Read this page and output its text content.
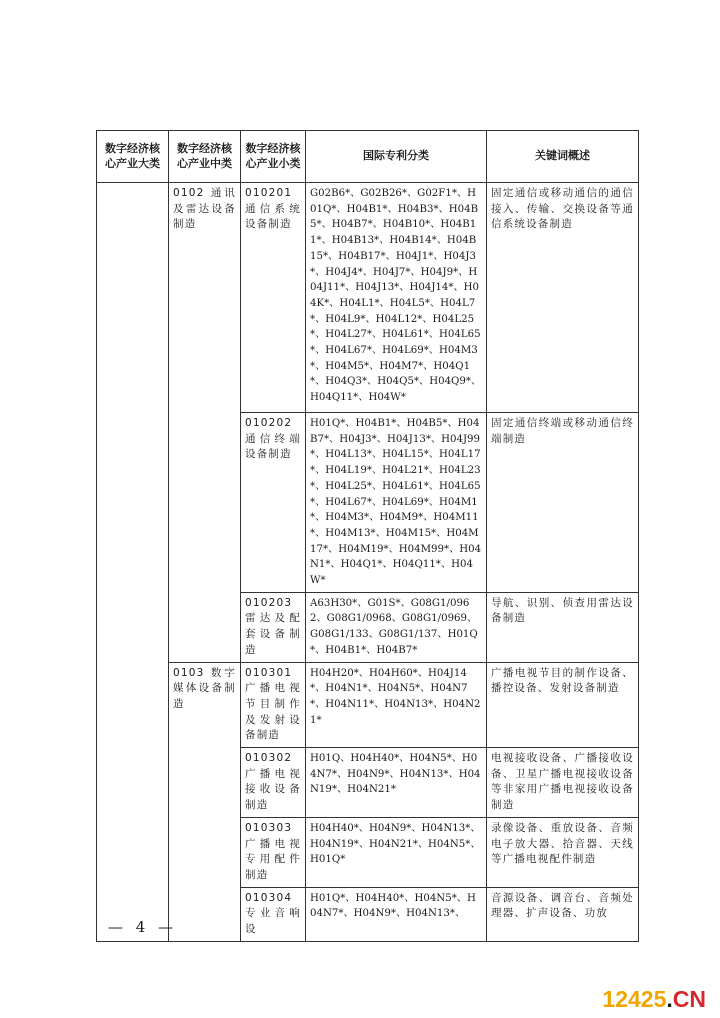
数字经济核心产业大类	数字经济核心产业中类	数字经济核心产业小类	国际专利分类	关键词概述
	0102 通讯及雷达设备制造	010201 通信系统设备制造	G02B6*、G02B26*、G02F1*、H01Q*、H04B1*、H04B3*、H04B5*、H04B7*、H04B10*、H04B11*、H04B13*、H04B14*、H04B15*、H04B17*、H04J1*、H04J3*、H04J4*、H04J7*、H04J9*、H04J11*、H04J13*、H04J14*、H04K*、H04L1*、H04L5*、H04L7*、H04L9*、H04L12*、H04L25*、H04L27*、H04L61*、H04L65*、H04L67*、H04L69*、H04M3*、H04M5*、H04M7*、H04Q1*、H04Q3*、H04Q5*、H04Q9*、H04Q11*、H04W*	固定通信或移动通信的通信接入、传输、交换设备等通信系统设备制造
		010202 通信终端设备制造	H01Q*、H04B1*、H04B5*、H04B7*、H04J3*、H04J13*、H04J99*、H04L13*、H04L15*、H04L17*、H04L19*、H04L21*、H04L23*、H04L25*、H04L61*、H04L65*、H04L67*、H04L69*、H04M1*、H04M3*、H04M9*、H04M11*、H04M13*、H04M15*、H04M17*、H04M19*、H04M99*、H04N1*、H04Q1*、H04Q11*、H04W*	固定通信终端或移动通信终端制造
		010203 雷达及配套设备制造	A63H30*、G01S*、G08G1/0962、G08G1/0968、G08G1/0969、G08G1/133、G08G1/137、H01Q*、H04B1*、H04B7*	导航、识别、侦查用雷达设备制造
	0103 数字媒体设备制造	010301 广播电视节目制作及发射设备制造	H04H20*、H04H60*、H04J14*、H04N1*、H04N5*、H04N7*、H04N11*、H04N13*、H04N21*	广播电视节目的制作设备、播控设备、发射设备制造
		010302 广播电视接收设备制造	H01Q、H04H40*、H04N5*、H04N7*、H04N9*、H04N13*、H04N19*、H04N21*	电视接收设备、广播接收设备、卫星广播电视接收设备等非家用广播电视接收设备制造
		010303 广播电视专用配件制造	H04H40*、H04N9*、H04N13*、H04N19*、H04N21*、H04N5*、H01Q*	录像设备、重放设备、音频电子放大器、拾音器、天线等广播电视配件制造
		010304 专业音响设	H01Q*、H04H40*、H04N5*、H04N7*、H04N9*、H04N13*、	音源设备、调音台、音频处理器、扩声设备、功放
— 4 —
12425.CN
